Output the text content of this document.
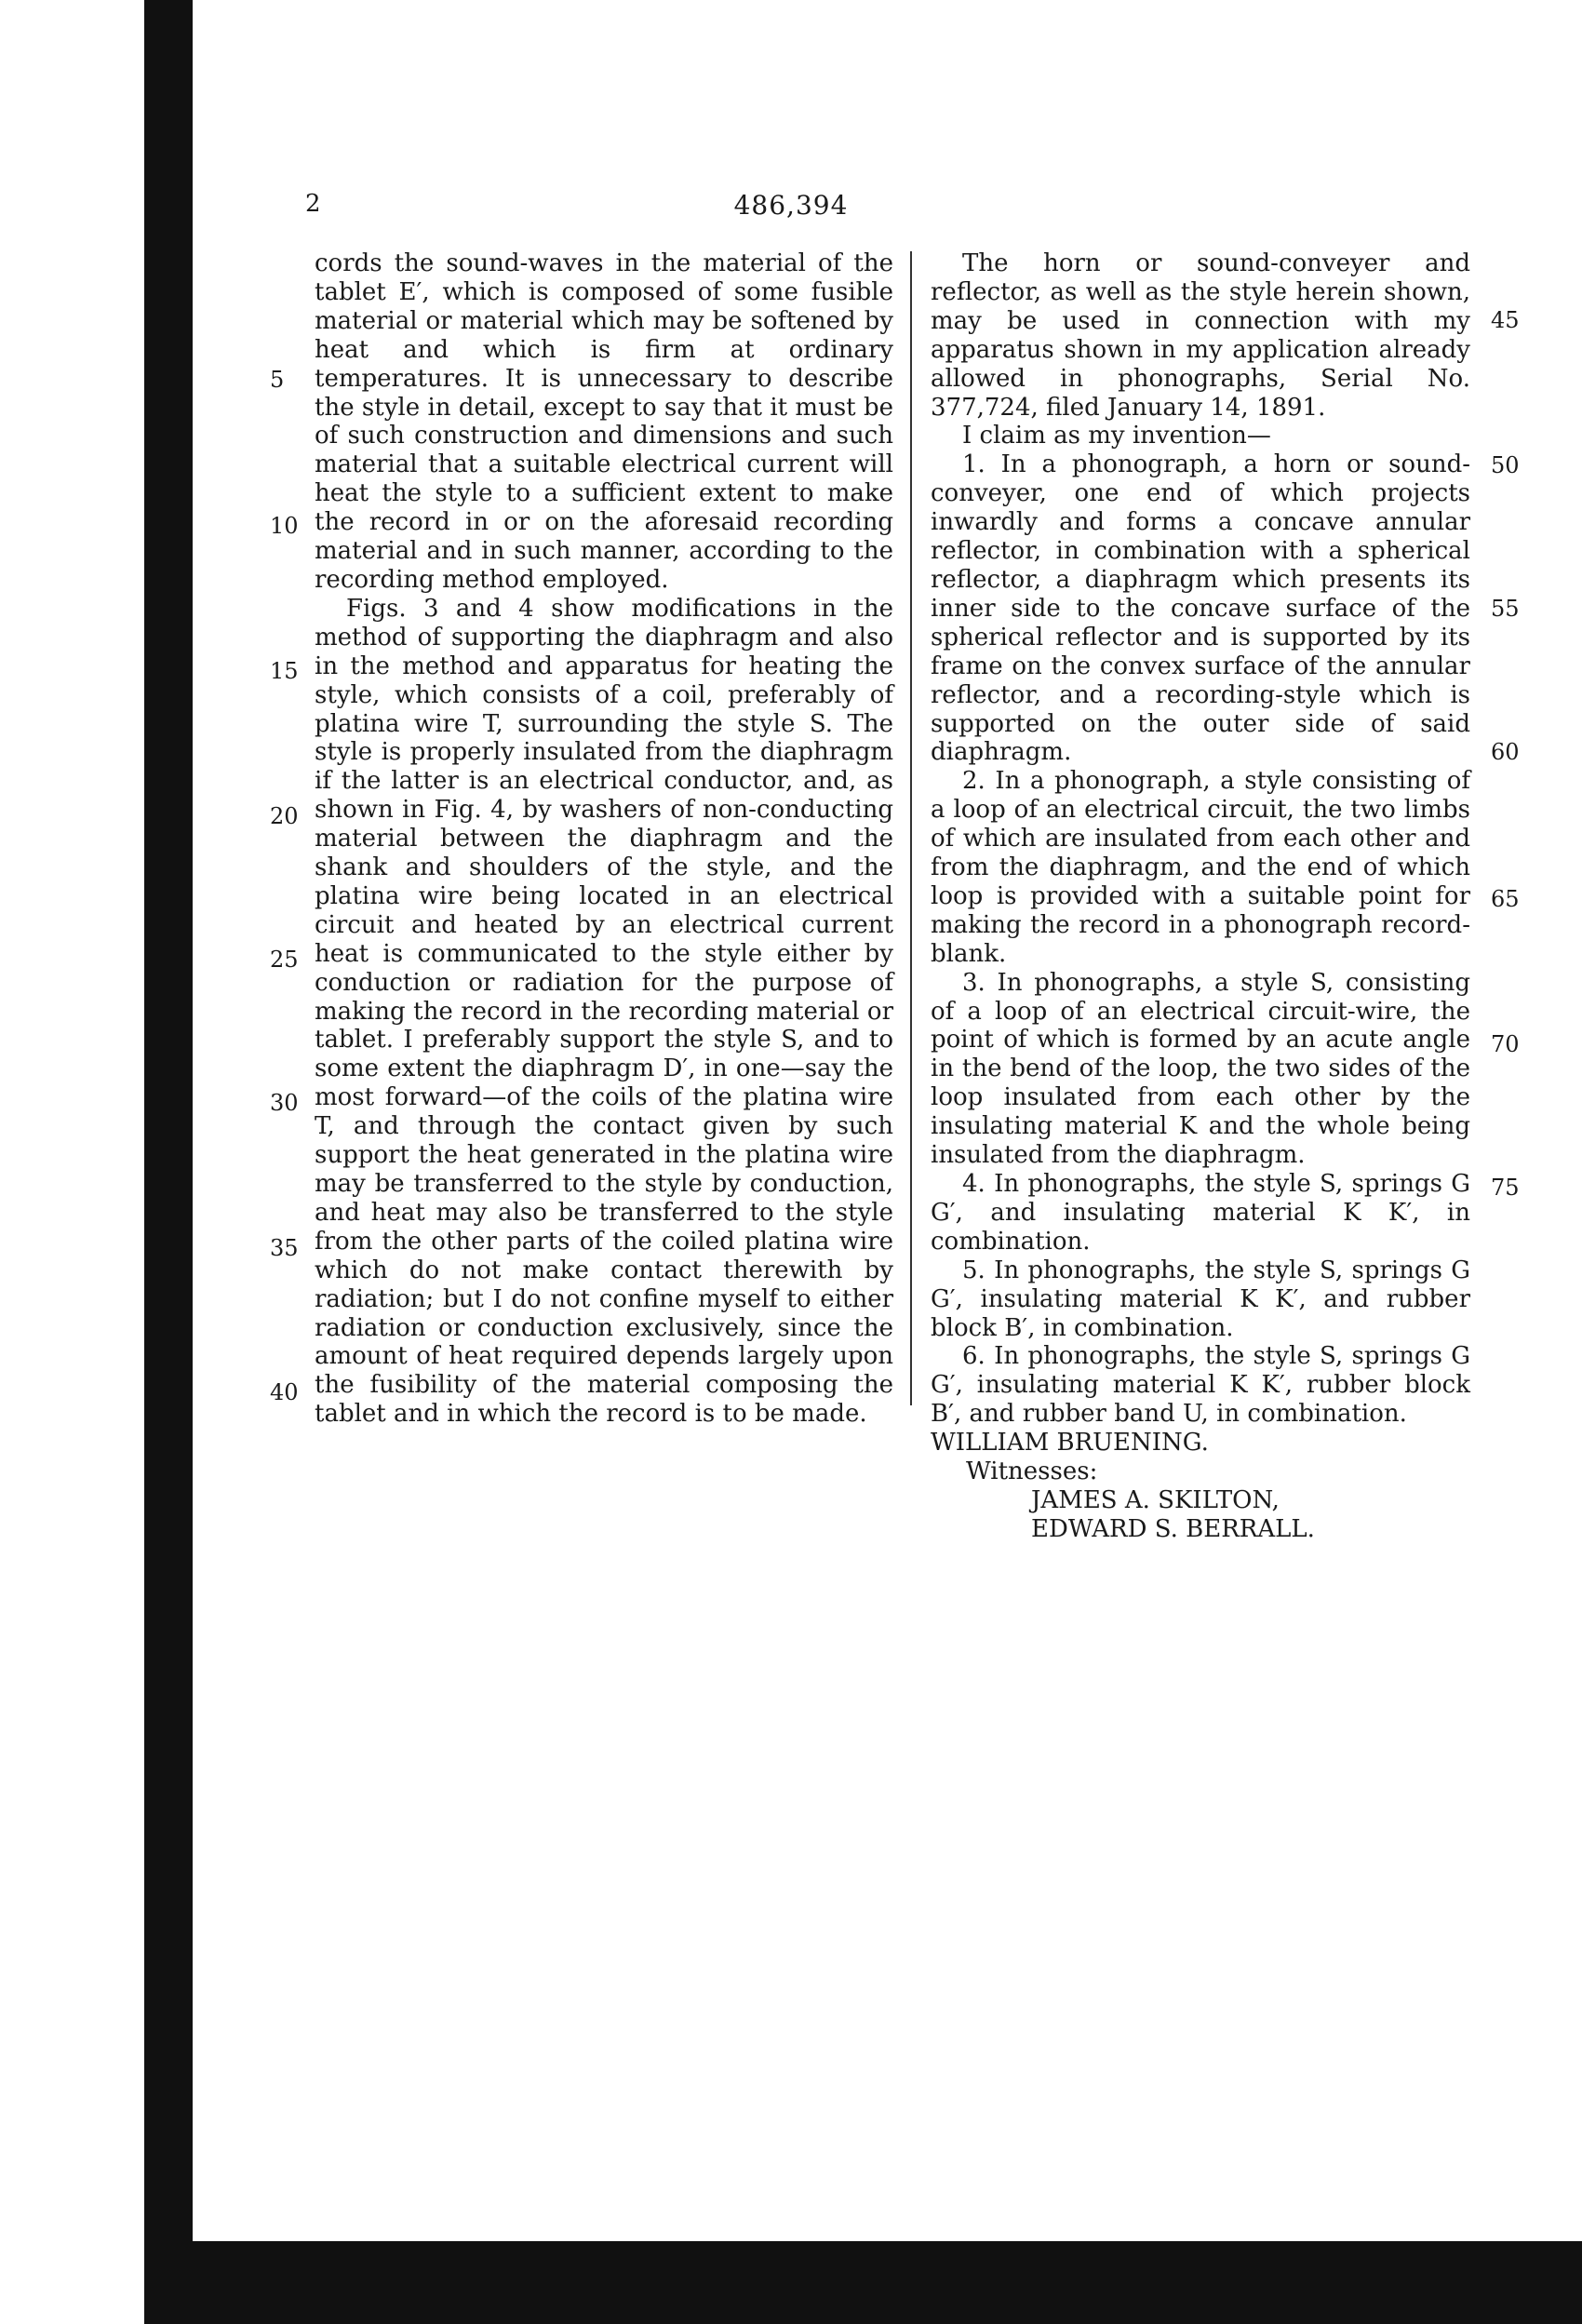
2	486,394

cords the sound-waves in the material of the tablet E′, which is composed of some fusible material or material which may be softened by heat and which is firm at ordinary temperatures. It is unnecessary to describe the style in detail, except to say that it must be of such construction and dimensions and such material that a suitable electrical current will heat the style to a sufficient extent to make the record in or on the aforesaid recording material and in such manner, according to the recording method employed.

Figs. 3 and 4 show modifications in the method of supporting the diaphragm and also in the method and apparatus for heating the style, which consists of a coil, preferably of platina wire T, surrounding the style S. The style is properly insulated from the diaphragm if the latter is an electrical conductor, and, as shown in Fig. 4, by washers of non-conducting material between the diaphragm and the shank and shoulders of the style, and the platina wire being located in an electrical circuit and heated by an electrical current heat is communicated to the style either by conduction or radiation for the purpose of making the record in the recording material or tablet. I preferably support the style S, and to some extent the diaphragm D′, in one—say the most forward—of the coils of the platina wire T, and through the contact given by such support the heat generated in the platina wire may be transferred to the style by conduction, and heat may also be transferred to the style from the other parts of the coiled platina wire which do not make contact therewith by radiation; but I do not confine myself to either radiation or conduction exclusively, since the amount of heat required depends largely upon the fusibility of the material composing the tablet and in which the record is to be made.

The horn or sound-conveyer and reflector, as well as the style herein shown, may be used in connection with my apparatus shown in my application already allowed in phonographs, Serial No. 377,724, filed January 14, 1891.

I claim as my invention—

1. In a phonograph, a horn or sound-conveyer, one end of which projects inwardly and forms a concave annular reflector, in combination with a spherical reflector, a diaphragm which presents its inner side to the concave surface of the spherical reflector and is supported by its frame on the convex surface of the annular reflector, and a recording-style which is supported on the outer side of said diaphragm.

2. In a phonograph, a style consisting of a loop of an electrical circuit, the two limbs of which are insulated from each other and from the diaphragm, and the end of which loop is provided with a suitable point for making the record in a phonograph record-blank.

3. In phonographs, a style S, consisting of a loop of an electrical circuit-wire, the point of which is formed by an acute angle in the bend of the loop, the two sides of the loop insulated from each other by the insulating material K and the whole being insulated from the diaphragm.

4. In phonographs, the style S, springs G G′, and insulating material K K′, in combination.

5. In phonographs, the style S, springs G G′, insulating material K K′, and rubber block B′, in combination.

6. In phonographs, the style S, springs G G′, insulating material K K′, rubber block B′, and rubber band U, in combination.

WILLIAM BRUENING.

Witnesses:

JAMES A. SKILTON,

EDWARD S. BERRALL.

5
10
15
20
25
30
35
40
45
50
55
60
65
70
75
